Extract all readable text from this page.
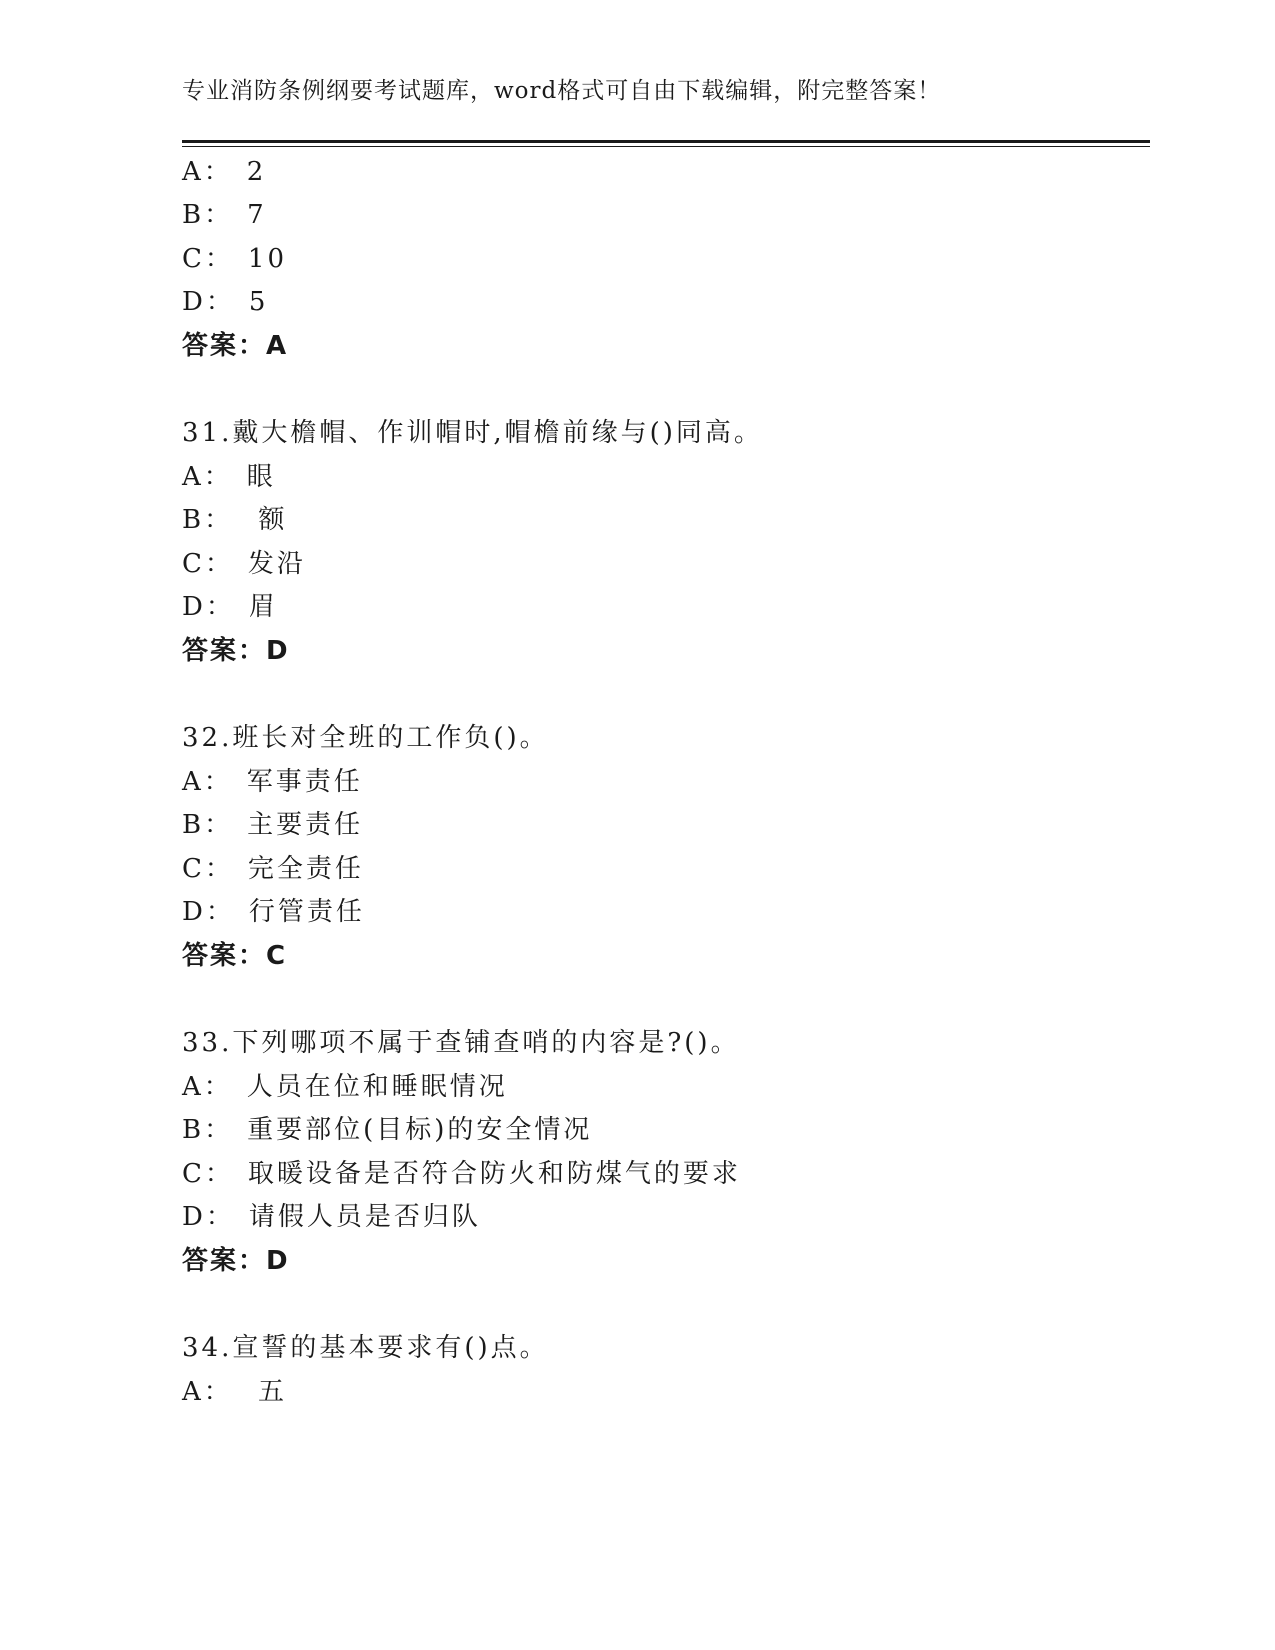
专业消防条例纲要考试题库，word格式可自由下载编辑，附完整答案！
A： 2
B： 7
C： 10
D： 5
答案：A
31.戴大檐帽、作训帽时,帽檐前缘与()同高。
A： 眼
B： 额
C： 发沿
D： 眉
答案：D
32.班长对全班的工作负()。
A： 军事责任
B： 主要责任
C： 完全责任
D： 行管责任
答案：C
33.下列哪项不属于查铺查哨的内容是?()。
A： 人员在位和睡眠情况
B： 重要部位(目标)的安全情况
C： 取暖设备是否符合防火和防煤气的要求
D： 请假人员是否归队
答案：D
34.宣誓的基本要求有()点。
A： 五
